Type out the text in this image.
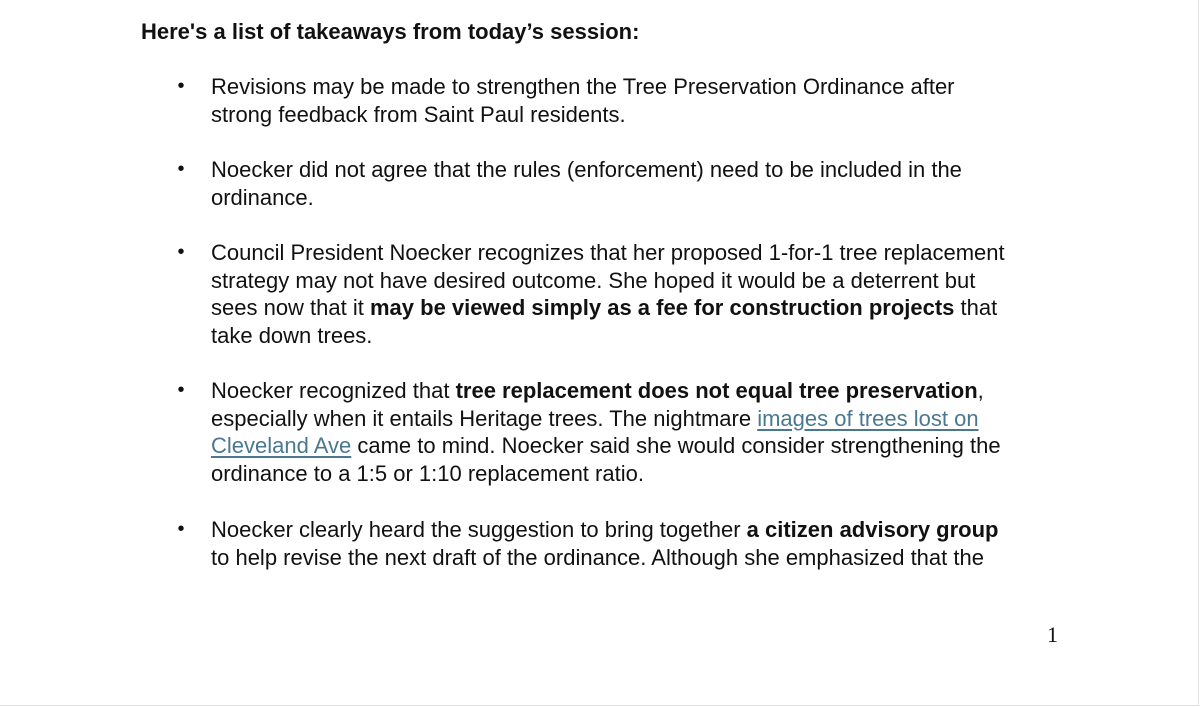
Here's a list of takeaways from today’s session:
• Revisions may be made to strengthen the Tree Preservation Ordinance after
strong feedback from Saint Paul residents.
• Noecker did not agree that the rules (enforcement) need to be included in the
ordinance.
• Council President Noecker recognizes that her proposed 1-for-1 tree replacement
strategy may not have desired outcome. She hoped it would be a deterrent but
sees now that it may be viewed simply as a fee for construction projects that
take down trees.
• Noecker recognized that tree replacement does not equal tree preservation,
especially when it entails Heritage trees. The nightmare images of trees lost on
Cleveland Ave came to mind. Noecker said she would consider strengthening the
ordinance to a 1:5 or 1:10 replacement ratio.
• Noecker clearly heard the suggestion to bring together a citizen advisory group
to help revise the next draft of the ordinance. Although she emphasized that the
1
